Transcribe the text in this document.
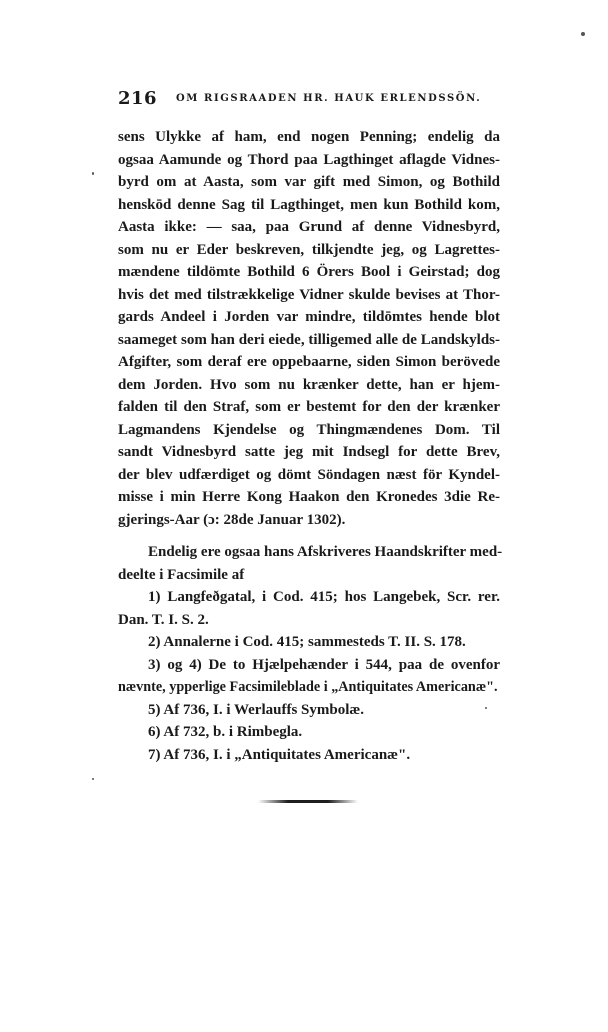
216 OM RIGSRAADEN HR. HAUK ERLENDSSÖN.
sens Ulykke af ham, end nogen Penning; endelig da
ogsaa Aamunde og Thord paa Lagthinget aflagde Vidnes-
byrd om at Aasta, som var gift med Simon, og Bothild
henskōd denne Sag til Lagthinget, men kun Bothild kom,
Aasta ikke: — saa, paa Grund af denne Vidnesbyrd,
som nu er Eder beskreven, tilkjendte jeg, og Lagrettes-
mændene tildömte Bothild 6 Örers Bool i Geirstad; dog
hvis det med tilstrækkelige Vidner skulde bevises at Thor-
gards Andeel i Jorden var mindre, tildōmtes hende blot
saameget som han deri eiede, tilligemed alle de Landskylds-
Afgifter, som deraf ere oppebaarne, siden Simon berövede
dem Jorden. Hvo som nu krænker dette, han er hjem-
falden til den Straf, som er bestemt for den der krænker
Lagmandens Kjendelse og Thingmændenes Dom. Til
sandt Vidnesbyrd satte jeg mit Indsegl for dette Brev,
der blev udfærdiget og dömt Söndagen næst för Kyndel-
misse i min Herre Kong Haakon den Kronedes 3die Re-
gjerings-Aar (ɔ: 28de Januar 1302).
Endelig ere ogsaa hans Afskriveres Haandskrifter med-
deelte i Facsimile af
1) Langfeðgatal, i Cod. 415; hos Langebek, Scr. rer.
Dan. T. I. S. 2.
2) Annalerne i Cod. 415; sammesteds T. II. S. 178.
3) og 4) De to Hjælpehænder i 544, paa de ovenfor
nævnte, ypperlige Facsimileblade i „Antiquitates Americanæ".
5) Af 736, I. i Werlauffs Symbolæ.
6) Af 732, b. i Rimbegla.
7) Af 736, I. i „Antiquitates Americanæ".
